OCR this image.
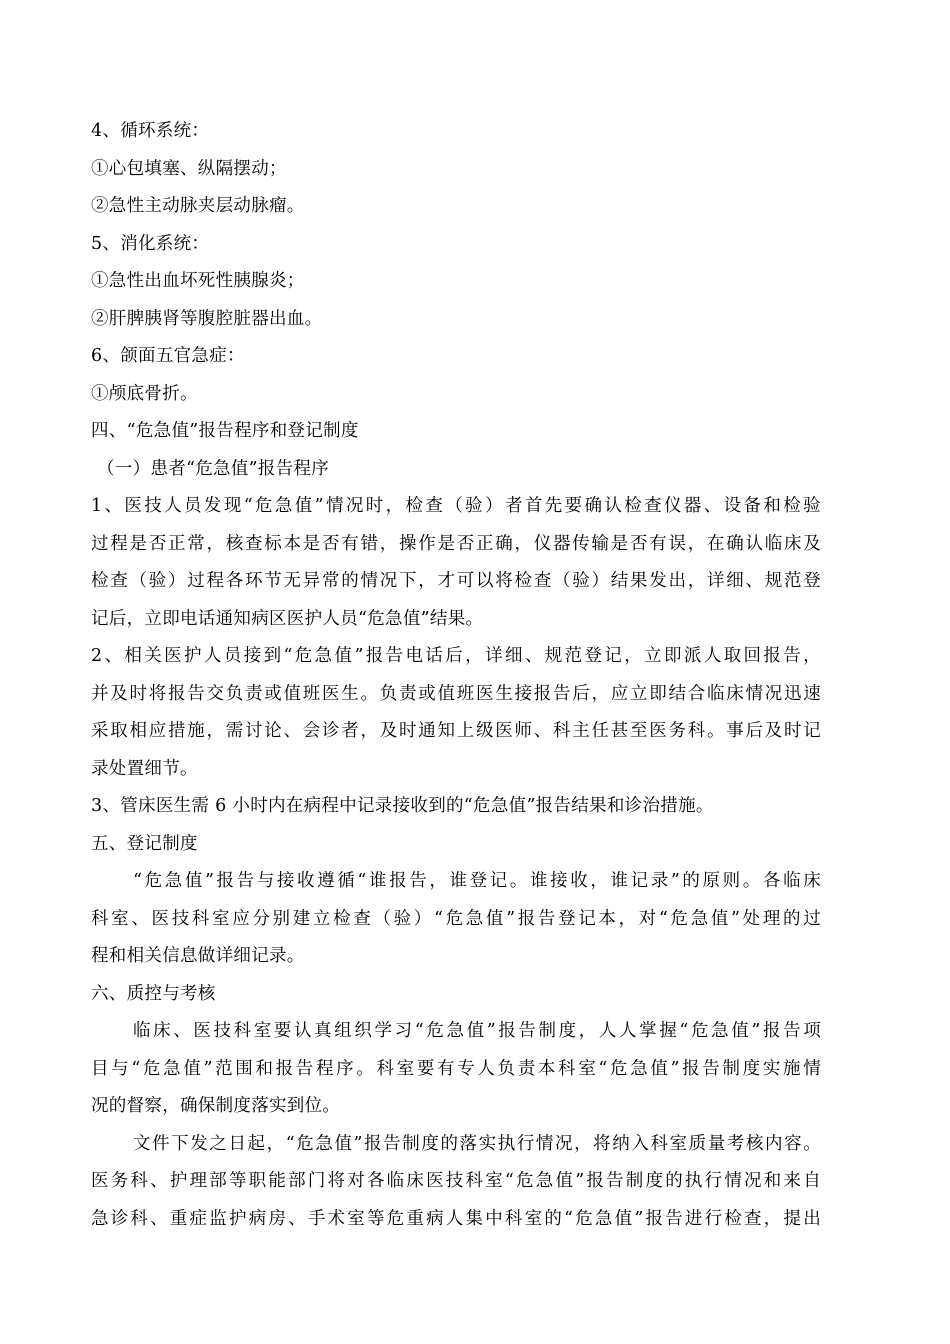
4、循环系统：
①心包填塞、纵隔摆动；
②急性主动脉夹层动脉瘤。
5、消化系统：
①急性出血坏死性胰腺炎；
②肝脾胰肾等腹腔脏器出血。
6、颌面五官急症：
①颅底骨折。
四、“危急值”报告程序和登记制度
（一）患者“危急值”报告程序
1、医技人员发现“危急值”情况时，检查（验）者首先要确认检查仪器、设备和检验
过程是否正常，核查标本是否有错，操作是否正确，仪器传输是否有误，在确认临床及
检查（验）过程各环节无异常的情况下，才可以将检查（验）结果发出，详细、规范登
记后，立即电话通知病区医护人员“危急值”结果。
2、相关医护人员接到“危急值”报告电话后，详细、规范登记，立即派人取回报告，
并及时将报告交负责或值班医生。负责或值班医生接报告后，应立即结合临床情况迅速
采取相应措施，需讨论、会诊者，及时通知上级医师、科主任甚至医务科。事后及时记
录处置细节。
3、管床医生需 6 小时内在病程中记录接收到的“危急值”报告结果和诊治措施。
五、登记制度
“危急值”报告与接收遵循“谁报告，谁登记。谁接收，谁记录”的原则。各临床
科室、医技科室应分别建立检查（验）“危急值”报告登记本，对“危急值”处理的过
程和相关信息做详细记录。
六、质控与考核
临床、医技科室要认真组织学习“危急值”报告制度，人人掌握“危急值”报告项
目与“危急值”范围和报告程序。科室要有专人负责本科室“危急值”报告制度实施情
况的督察，确保制度落实到位。
文件下发之日起，“危急值”报告制度的落实执行情况，将纳入科室质量考核内容。
医务科、护理部等职能部门将对各临床医技科室“危急值”报告制度的执行情况和来自
急诊科、重症监护病房、手术室等危重病人集中科室的“危急值”报告进行检查，提出
